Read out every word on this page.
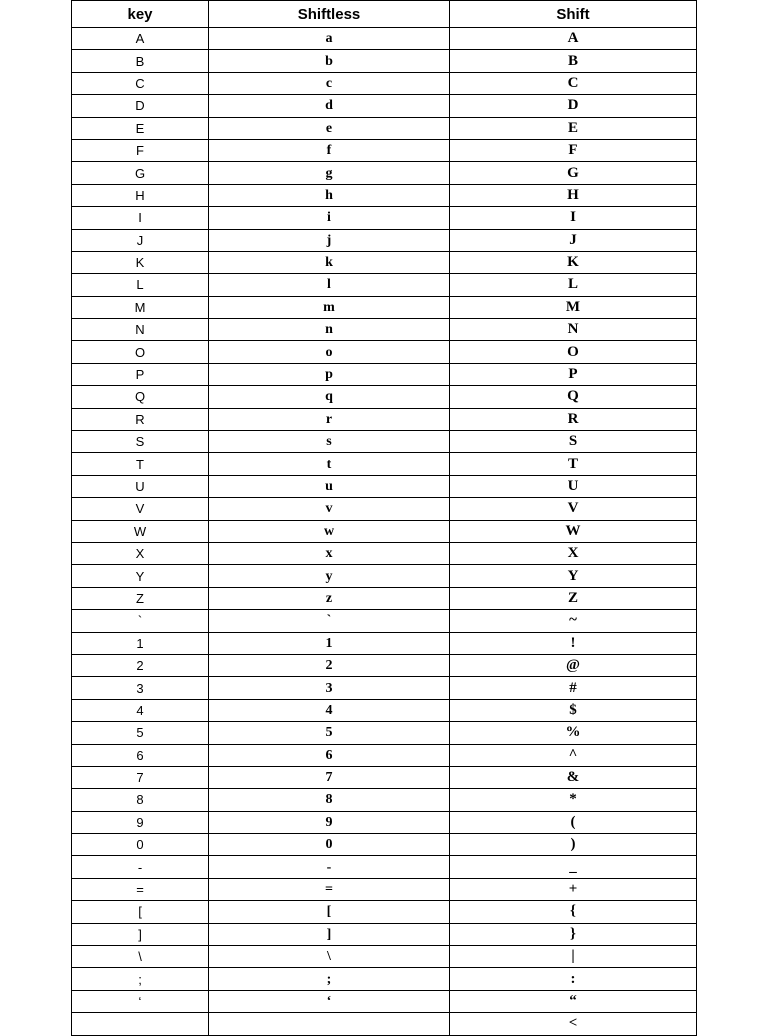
key	Shiftless	Shift
A	a	A
B	b	B
C	c	C
D	d	D
E	e	E
F	f	F
G	g	G
H	h	H
I	i	I
J	j	J
K	k	K
L	l	L
M	m	M
N	n	N
O	o	O
P	p	P
Q	q	Q
R	r	R
S	s	S
T	t	T
U	u	U
V	v	V
W	w	W
X	x	X
Y	y	Y
Z	z	Z
`	`	~
1	1	!
2	2	@
3	3	#
4	4	$
5	5	%
6	6	^
7	7	&
8	8	*
9	9	(
0	0	)
-	-	_
=	=	+
[	[	{
]	]	}
\	\	|
;	;	:
‘	‘	“
		<
